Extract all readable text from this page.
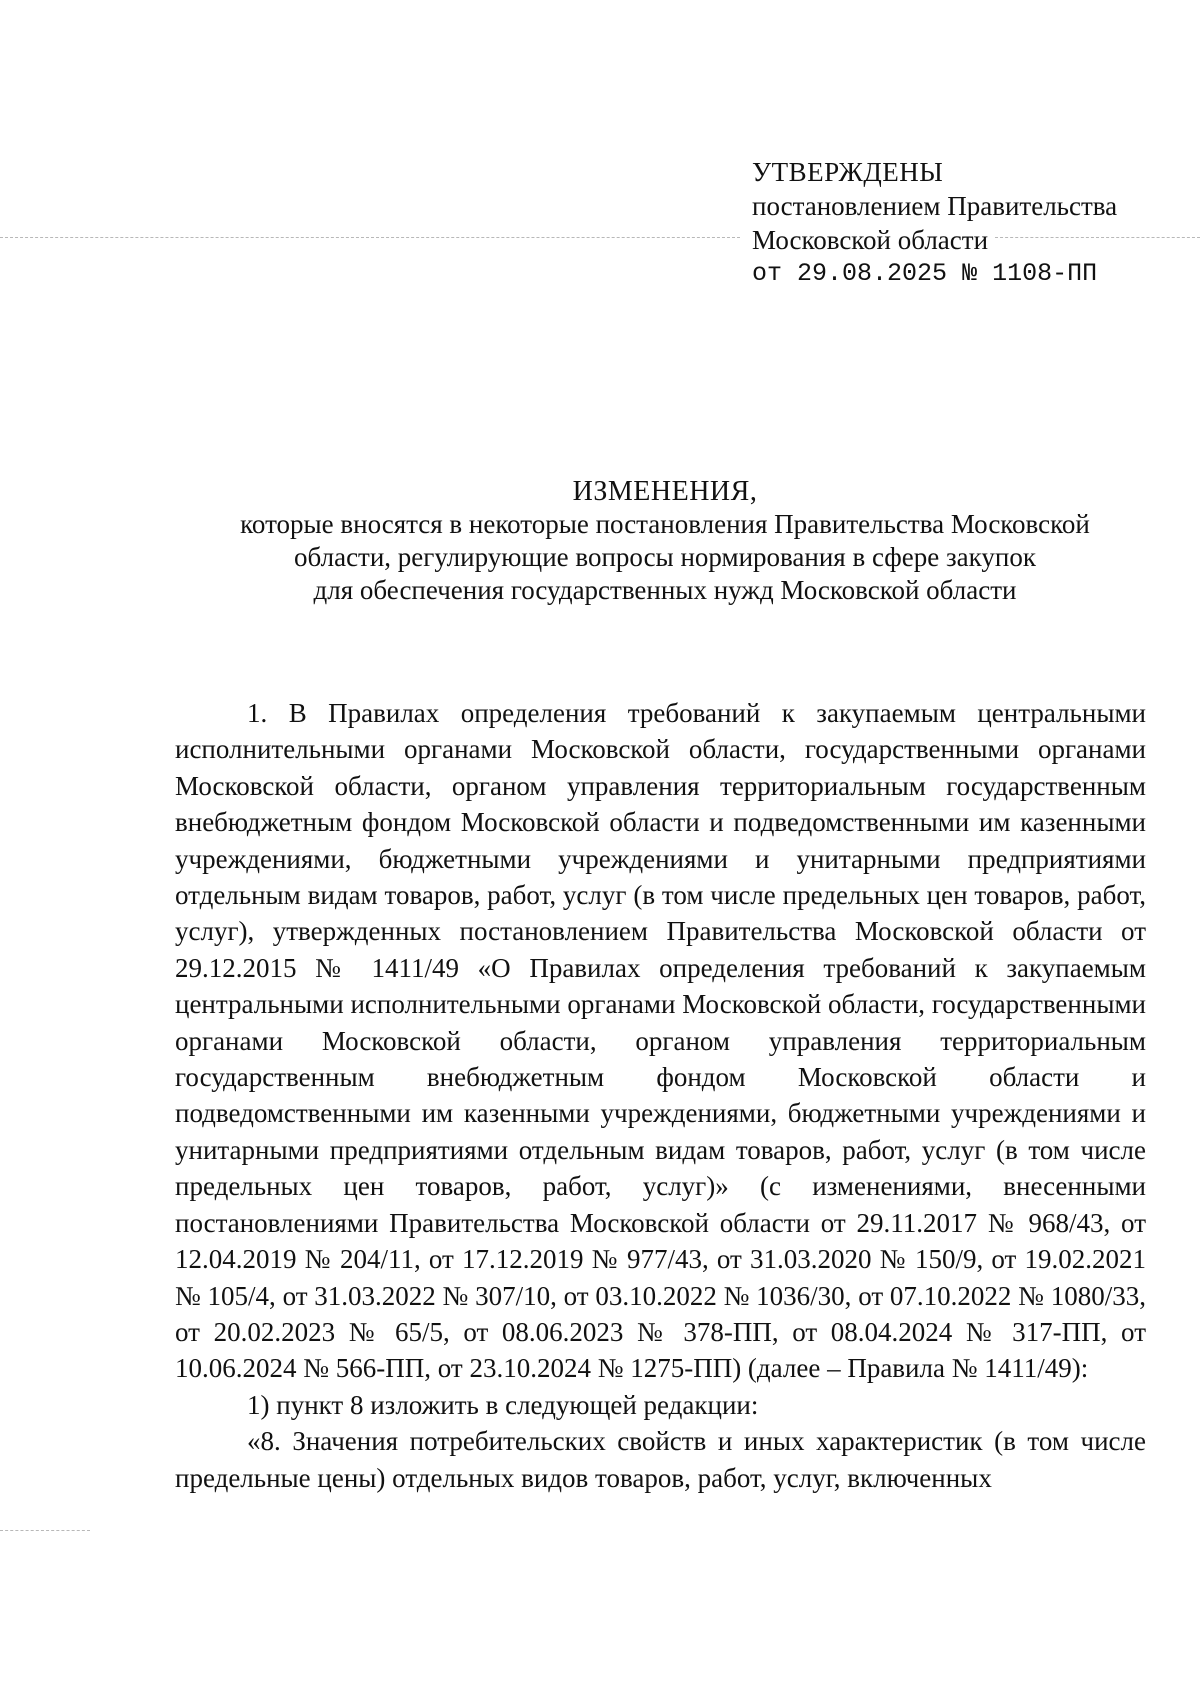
УТВЕРЖДЕНЫ
постановлением Правительства
Московской области
от 29.08.2025 № 1108-ПП
ИЗМЕНЕНИЯ,
которые вносятся в некоторые постановления Правительства Московской
области, регулирующие вопросы нормирования в сфере закупок
для обеспечения государственных нужд Московской области

1. В Правилах определения требований к закупаемым центральными исполнительными органами Московской области, государственными органами Московской области, органом управления территориальным государственным внебюджетным фондом Московской области и подведомственными им казенными учреждениями, бюджетными учреждениями и унитарными предприятиями отдельным видам товаров, работ, услуг (в том числе предельных цен товаров, работ, услуг), утвержденных постановлением Правительства Московской области от 29.12.2015 № 1411/49 «О Правилах определения требований к закупаемым центральными исполнительными органами Московской области, государственными органами Московской области, органом управления территориальным государственным внебюджетным фондом Московской области и подведомственными им казенными учреждениями, бюджетными учреждениями и унитарными предприятиями отдельным видам товаров, работ, услуг (в том числе предельных цен товаров, работ, услуг)» (с изменениями, внесенными постановлениями Правительства Московской области от 29.11.2017 № 968/43, от 12.04.2019 № 204/11, от 17.12.2019 № 977/43, от 31.03.2020 № 150/9, от 19.02.2021 № 105/4, от 31.03.2022 № 307/10, от 03.10.2022 № 1036/30, от 07.10.2022 № 1080/33, от 20.02.2023 № 65/5, от 08.06.2023 № 378-ПП, от 08.04.2024 № 317-ПП, от 10.06.2024 № 566-ПП, от 23.10.2024 № 1275-ПП) (далее – Правила № 1411/49):

1) пункт 8 изложить в следующей редакции:

«8. Значения потребительских свойств и иных характеристик (в том числе предельные цены) отдельных видов товаров, работ, услуг, включенных
